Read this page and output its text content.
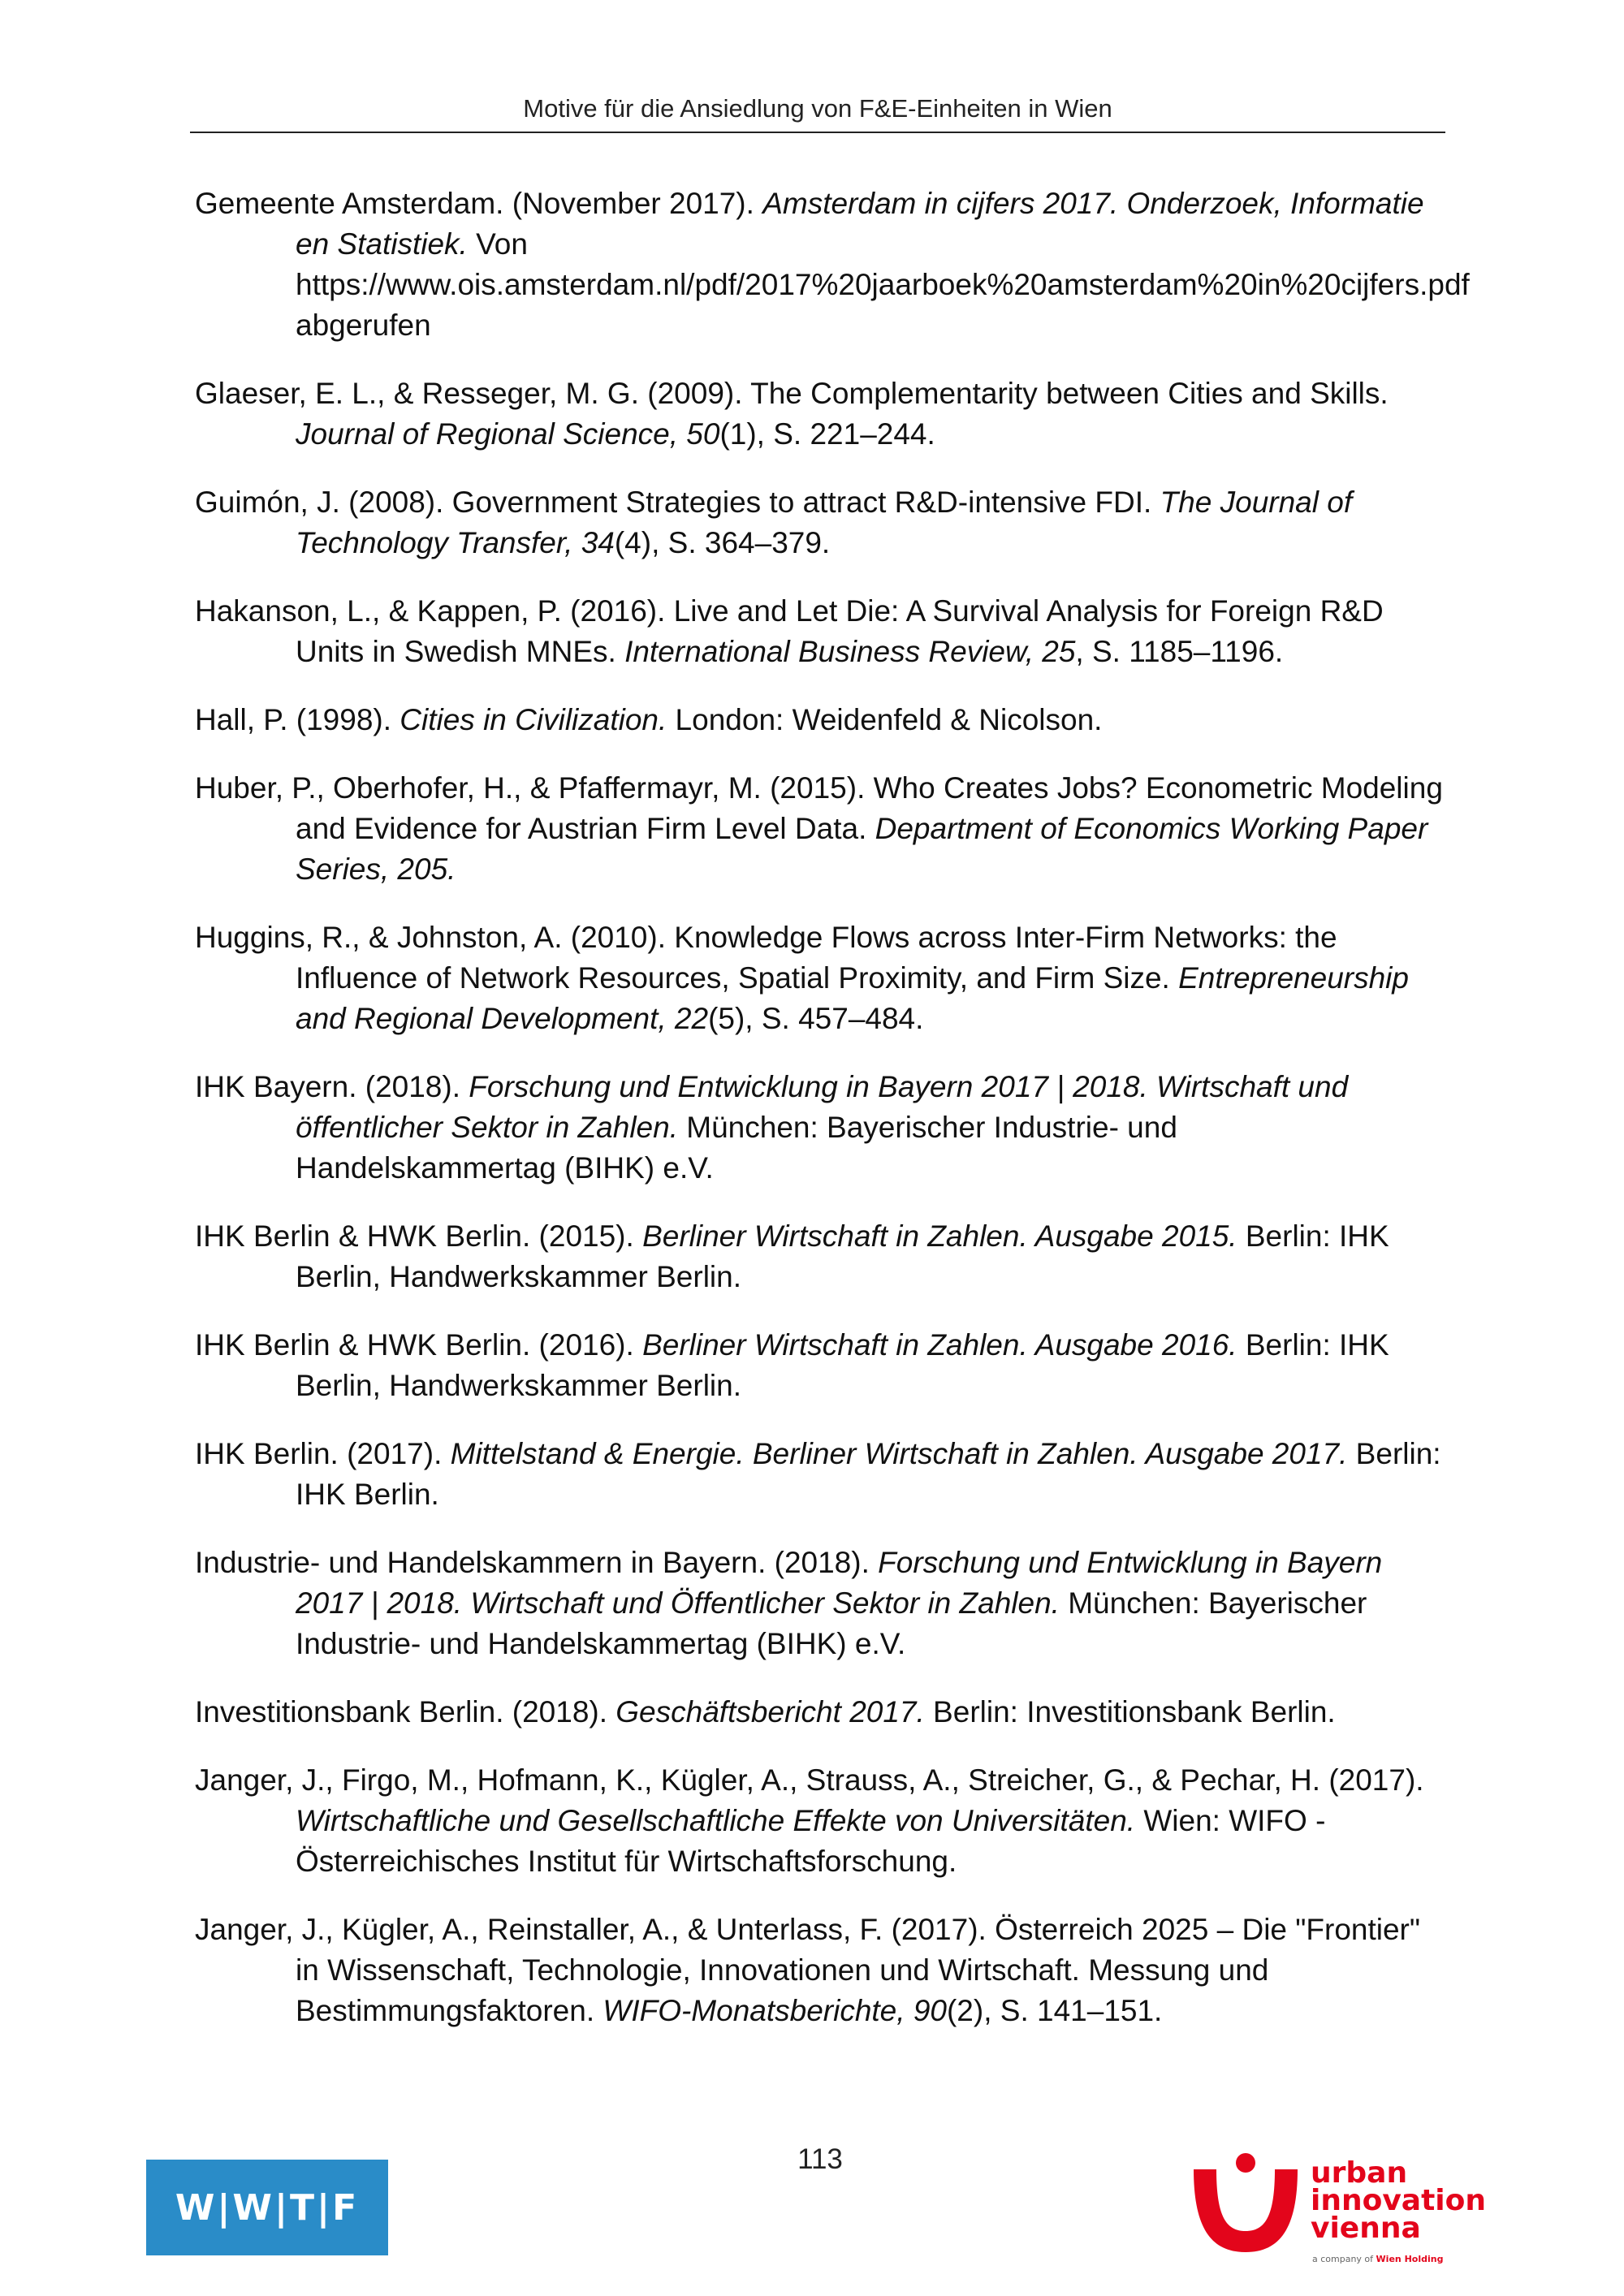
Motive für die Ansiedlung von F&E-Einheiten in Wien

Gemeente Amsterdam. (November 2017). Amsterdam in cijfers 2017. Onderzoek, Informatie en Statistiek. Von https://www.ois.amsterdam.nl/pdf/2017%20jaarboek%20amsterdam%20in%20cijfers.pdf abgerufen

Glaeser, E. L., & Resseger, M. G. (2009). The Complementarity between Cities and Skills. Journal of Regional Science, 50(1), S. 221–244.

Guimón, J. (2008). Government Strategies to attract R&D-intensive FDI. The Journal of Technology Transfer, 34(4), S. 364–379.

Hakanson, L., & Kappen, P. (2016). Live and Let Die: A Survival Analysis for Foreign R&D Units in Swedish MNEs. International Business Review, 25, S. 1185–1196.

Hall, P. (1998). Cities in Civilization. London: Weidenfeld & Nicolson.

Huber, P., Oberhofer, H., & Pfaffermayr, M. (2015). Who Creates Jobs? Econometric Modeling and Evidence for Austrian Firm Level Data. Department of Economics Working Paper Series, 205.

Huggins, R., & Johnston, A. (2010). Knowledge Flows across Inter-Firm Networks: the Influence of Network Resources, Spatial Proximity, and Firm Size. Entrepreneurship and Regional Development, 22(5), S. 457–484.

IHK Bayern. (2018). Forschung und Entwicklung in Bayern 2017 | 2018. Wirtschaft und öffentlicher Sektor in Zahlen. München: Bayerischer Industrie- und Handelskammertag (BIHK) e.V.

IHK Berlin & HWK Berlin. (2015). Berliner Wirtschaft in Zahlen. Ausgabe 2015. Berlin: IHK Berlin, Handwerkskammer Berlin.

IHK Berlin & HWK Berlin. (2016). Berliner Wirtschaft in Zahlen. Ausgabe 2016. Berlin: IHK Berlin, Handwerkskammer Berlin.

IHK Berlin. (2017). Mittelstand & Energie. Berliner Wirtschaft in Zahlen. Ausgabe 2017. Berlin: IHK Berlin.

Industrie- und Handelskammern in Bayern. (2018). Forschung und Entwicklung in Bayern 2017 | 2018. Wirtschaft und Öffentlicher Sektor in Zahlen. München: Bayerischer Industrie- und Handelskammertag (BIHK) e.V.

Investitionsbank Berlin. (2018). Geschäftsbericht 2017. Berlin: Investitionsbank Berlin.

Janger, J., Firgo, M., Hofmann, K., Kügler, A., Strauss, A., Streicher, G., & Pechar, H. (2017). Wirtschaftliche und Gesellschaftliche Effekte von Universitäten. Wien: WIFO - Österreichisches Institut für Wirtschaftsforschung.

Janger, J., Kügler, A., Reinstaller, A., & Unterlass, F. (2017). Österreich 2025 – Die "Frontier" in Wissenschaft, Technologie, Innovationen und Wirtschaft. Messung und Bestimmungsfaktoren. WIFO-Monatsberichte, 90(2), S. 141–151.

113
W|W|T|F
urban
innovation
vienna
a company of Wien Holding
